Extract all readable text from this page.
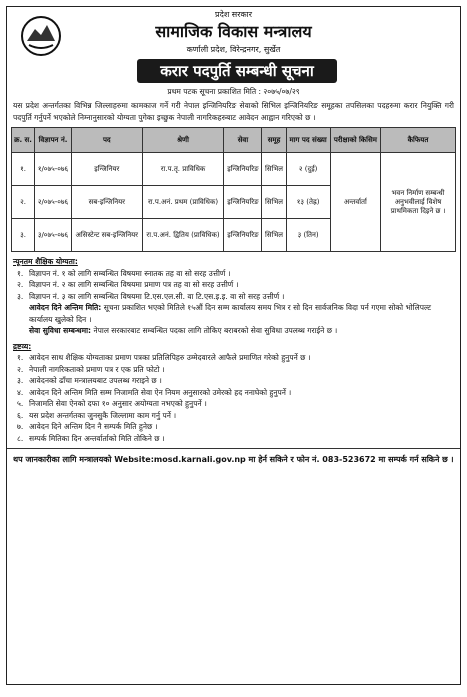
प्रदेश सरकार
सामाजिक विकास मन्त्रालय
कर्णाली प्रदेश, विरेन्द्रनगर, सुर्खेत
करार पदपुर्ति सम्बन्धी सूचना
प्रथम पटक सूचना प्रकाशित मिति : २०७५/०७/२९
यस प्रदेश अन्तर्गतका विभिन्न जिल्लाहरुमा कामकाज गर्ने गरी नेपाल इन्जिनियरिङ सेवाको सिभिल इन्जिनियरिङ समूहका तपसिलका पदहरुमा करार नियुक्ति गरी पदपुर्ति गर्नुपर्ने भएकोले निम्नानुसारको योग्यता पुगेका इच्छुक नेपाली नागरिकहरुबाट आवेदन आह्वान गरिएको छ ।
क्र. स.	विज्ञापन नं.	पद	श्रेणी	सेवा	समूह	माग पद संख्या	परीक्षाको किसिम	कैफियत
१.	१/०७५-०७६	इन्जिनियर	रा.प.तृ. प्राविधिक	इन्जिनियरिङ	सिभिल	२ (दुई)	अन्तर्वार्ता	भवन निर्माण सम्बन्धी अनुभवीलाई विशेष प्राथमिकता दिइने छ ।
२.	२/०७५-०७६	सब-इन्जिनियर	रा.प.अनं. प्रथम (प्राविधिक)	इन्जिनियरिङ	सिभिल	१३ (तेह्र)		
३.	३/०७५-०७६	असिस्टेन्ट सब-इन्जिनियर	रा.प.अनं. द्वितिय (प्राविधिक)	इन्जिनियरिङ	सिभिल	३ (तिन)		
न्यूनतम शैक्षिक योग्यता:
१. विज्ञापन नं. १ को लागि सम्बन्धित विषयमा स्नातक तह वा सो सरह उत्तीर्ण ।
२. विज्ञापन नं. २ का लागि सम्बन्धित विषयमा प्रमाण पत्र तह वा सो सरह उत्तीर्ण ।
३. विज्ञापन नं. ३ का लागि सम्बन्धित विषयमा टि.एस.एल.सी. वा टि.एस.इ.इ. वा सो सरह उत्तीर्ण ।
आवेदन दिने अन्तिम मिति: सूचना प्रकाशित भएको मितिले १५औं दिन सम्म कार्यालय समय भित्र र सो दिन सार्वजनिक विदा पर्न गएमा सोको भोलिपल्ट कार्यालय खुलेको दिन ।
सेवा सुविधा सम्बन्धमा: नेपाल सरकारबाट सम्बन्धित पदका लागि तोकिए बराबरको सेवा सुविधा उपलब्ध गराईने छ ।
द्रष्टव्य:
१. आवेदन साथ शैक्षिक योग्यताका प्रमाण पत्रका प्रतिलिपिहरु उम्मेदवारले आफैले प्रमाणित गरेको हुनुपर्ने छ ।
२. नेपाली नागरिकताको प्रमाण पत्र र एक प्रति फोटो ।
३. आवेदनको ढाँचा मन्त्रालयबाट उपलब्ध गराइने छ ।
४. आवेदन दिने अन्तिम मिति सम्म निजामति सेवा ऐन नियम अनुसारको उमेरको हद ननाघेको हुनुपर्ने ।
५. निजामति सेवा ऐनको दफा १० अनुसार अयोग्यता नभएको हुनुपर्ने ।
६. यस प्रदेश अन्तर्गतका जुनसुकै जिल्लामा काम गर्नु पर्ने ।
७. आवेदन दिने अन्तिम दिन नै सम्पर्क मिति हुनेछ ।
८. सम्पर्क मितिका दिन अन्तर्वार्ताको मिति तोकिने छ ।
थप जानकारीका लागि मन्त्रालयको Website:mosd.karnali.gov.np मा हेर्न सकिने र फोन नं. 083-523672 मा सम्पर्क गर्न सकिने छ ।
